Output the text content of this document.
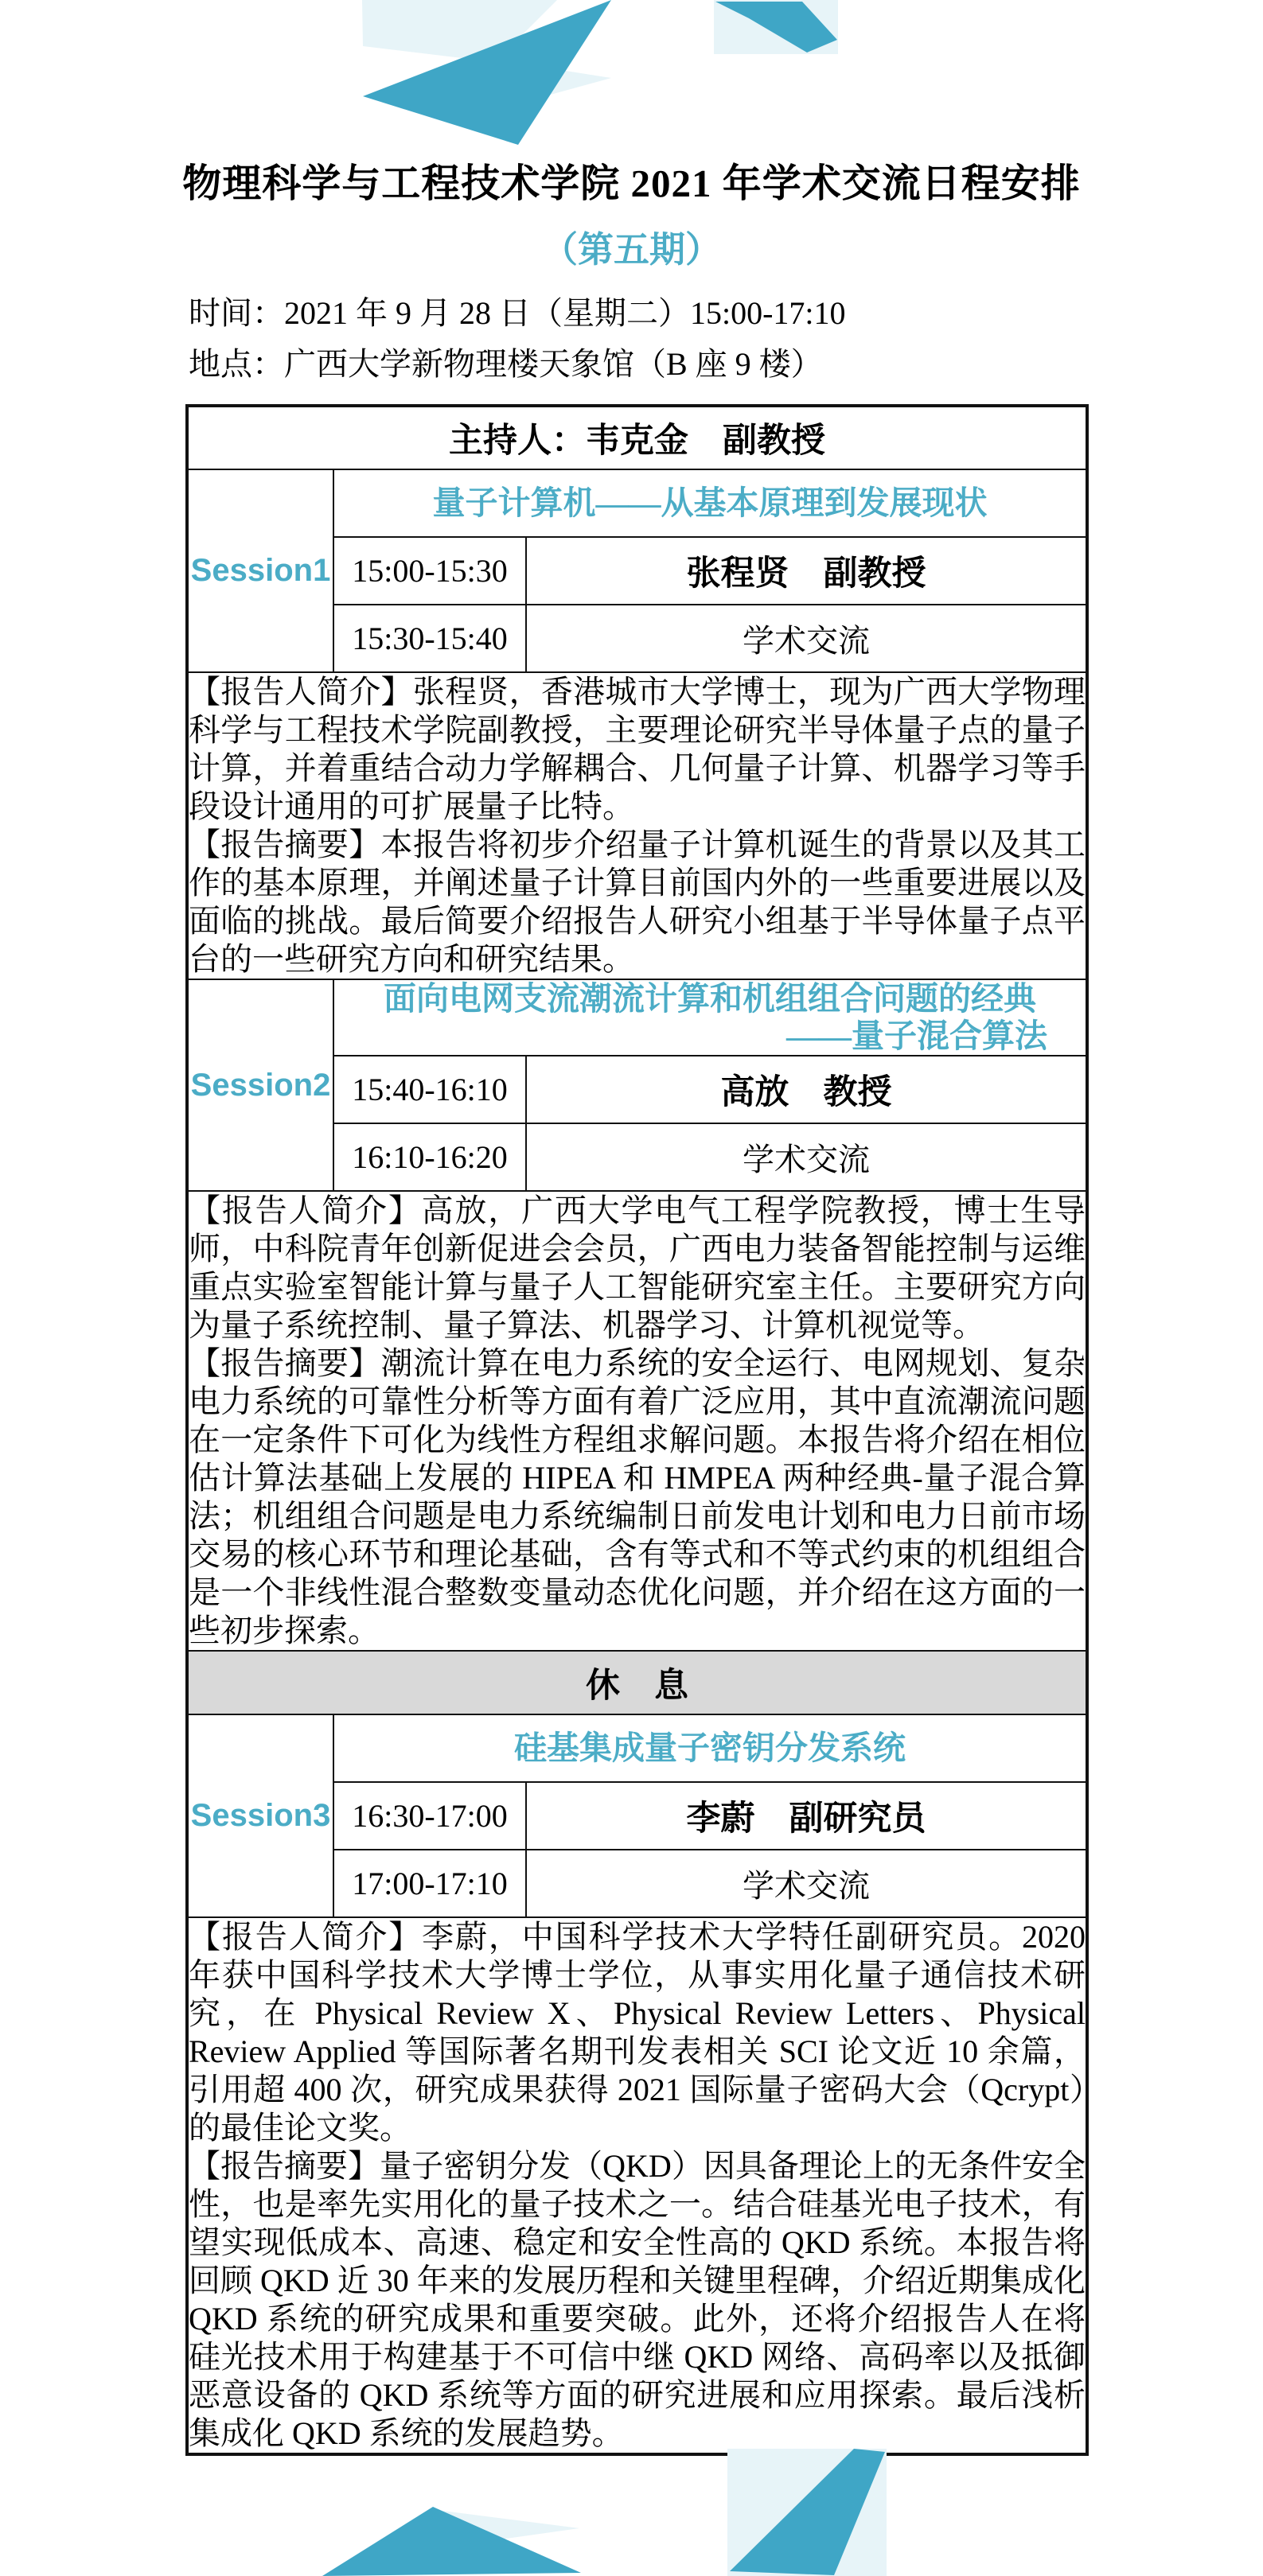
物理科学与工程技术学院 2021 年学术交流日程安排
（第五期）

时间：2021 年 9 月 28 日（星期二）15:00-17:10

地点：广西大学新物理楼天象馆（B 座 9 楼）

主持人：韦克金　副教授		
Session1	量子计算机——从基本原理到发展现状	
	15:00-15:30	张程贤　副教授
	15:30-15:40	学术交流

【报告人简介】张程贤，香港城市大学博士，现为广西大学物理科学与工程技术学院副教授，主要理论研究半导体量子点的量子计算，并着重结合动力学解耦合、几何量子计算、机器学习等手段设计通用的可扩展量子比特。

【报告摘要】本报告将初步介绍量子计算机诞生的背景以及其工作的基本原理，并阐述量子计算目前国内外的一些重要进展以及面临的挑战。最后简要介绍报告人研究小组基于半导体量子点平台的一些研究方向和研究结果。		

Session2	面向电网支流潮流计算和机组组合问题的经典
——量子混合算法	

	15:40-16:10	高放　教授
	16:10-16:20	学术交流

【报告人简介】高放，广西大学电气工程学院教授，博士生导师，中科院青年创新促进会会员，广西电力装备智能控制与运维重点实验室智能计算与量子人工智能研究室主任。主要研究方向为量子系统控制、量子算法、机器学习、计算机视觉等。

【报告摘要】潮流计算在电力系统的安全运行、电网规划、复杂电力系统的可靠性分析等方面有着广泛应用，其中直流潮流问题在一定条件下可化为线性方程组求解问题。本报告将介绍在相位估计算法基础上发展的 HIPEA 和 HMPEA 两种经典-量子混合算法；机组组合问题是电力系统编制日前发电计划和电力日前市场交易的核心环节和理论基础，含有等式和不等式约束的机组组合是一个非线性混合整数变量动态优化问题，并介绍在这方面的一些初步探索。		

休　息		
Session3	硅基集成量子密钥分发系统	
	16:30-17:00	李蔚　副研究员
	17:00-17:10	学术交流

【报告人简介】李蔚，中国科学技术大学特任副研究员。2020 年获中国科学技术大学博士学位，从事实用化量子通信技术研究，在 Physical Review X、Physical Review Letters、Physical Review Applied 等国际著名期刊发表相关 SCI 论文近 10 余篇，引用超 400 次，研究成果获得 2021 国际量子密码大会（Qcrypt）的最佳论文奖。

【报告摘要】量子密钥分发（QKD）因具备理论上的无条件安全性，也是率先实用化的量子技术之一。结合硅基光电子技术，有望实现低成本、高速、稳定和安全性高的 QKD 系统。本报告将回顾 QKD 近 30 年来的发展历程和关键里程碑，介绍近期集成化 QKD 系统的研究成果和重要突破。此外，还将介绍报告人在将硅光技术用于构建基于不可信中继 QKD 网络、高码率以及抵御恶意设备的 QKD 系统等方面的研究进展和应用探索。最后浅析集成化 QKD 系统的发展趋势。		
